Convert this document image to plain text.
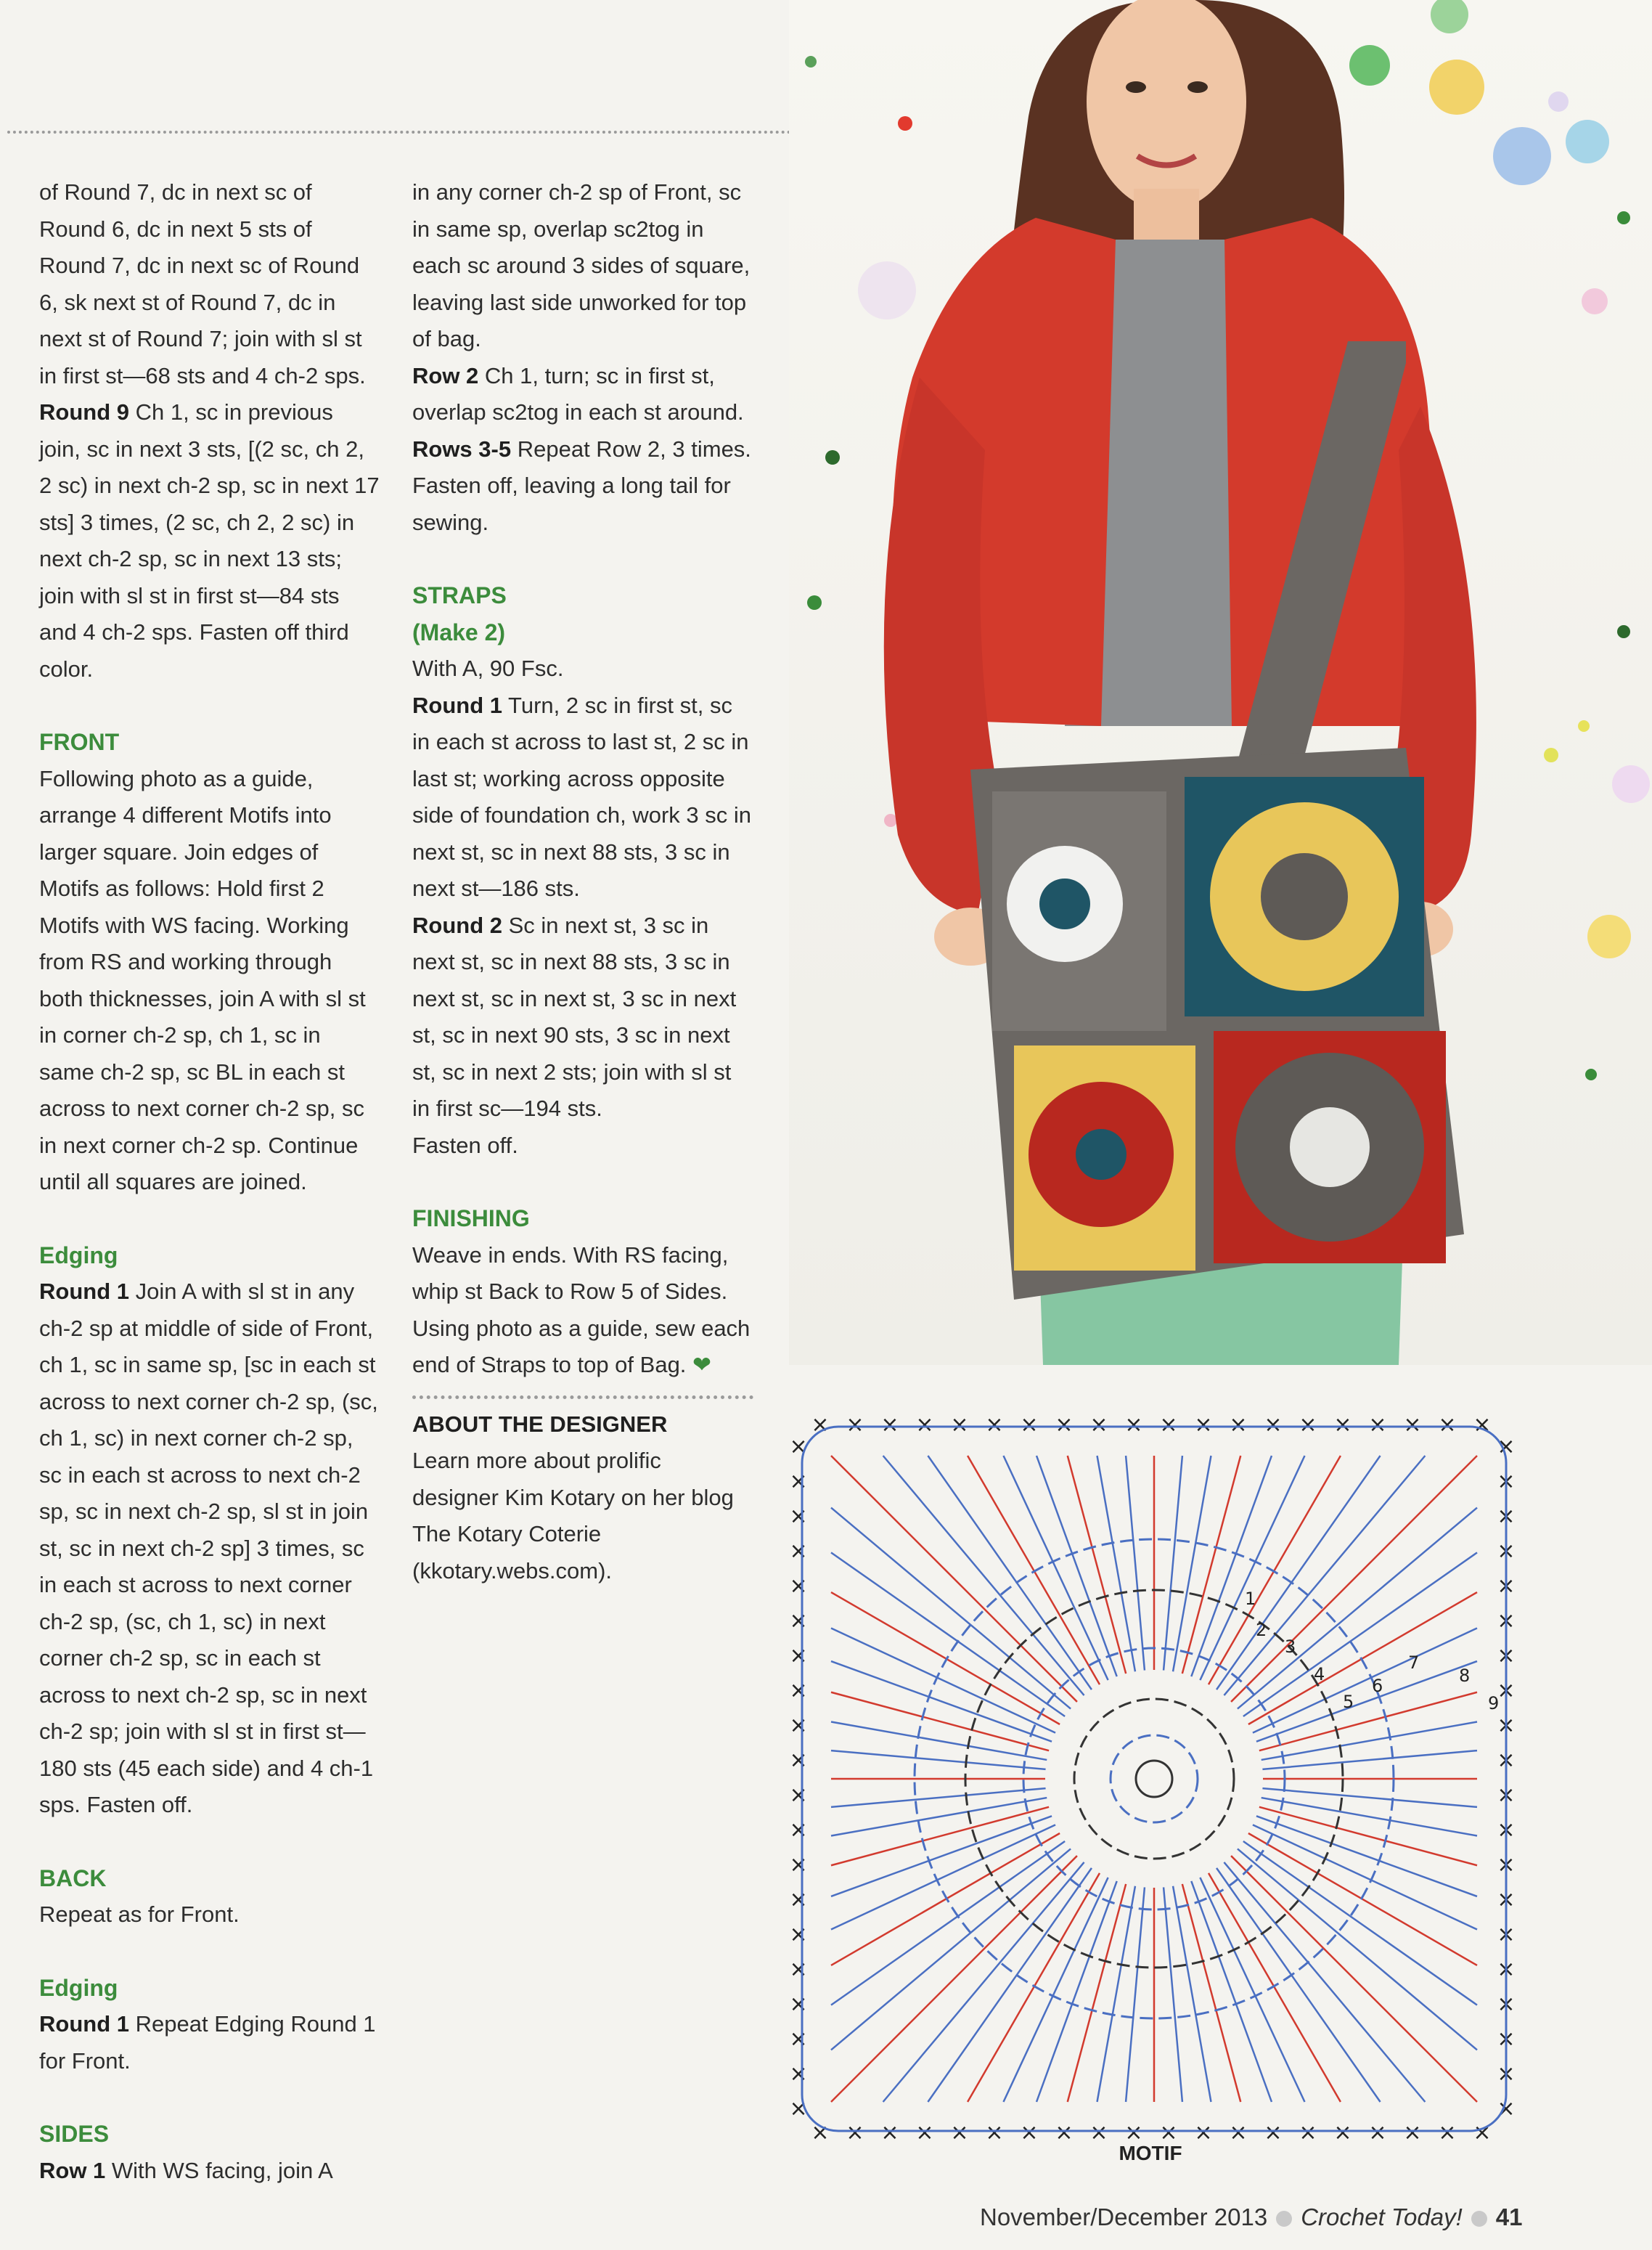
of Round 7, dc in next sc of Round 6, dc in next 5 sts of Round 7, dc in next sc of Round 6, sk next st of Round 7, dc in next st of Round 7; join with sl st in first st—68 sts and 4 ch-2 sps.

Round 9 Ch 1, sc in previous join, sc in next 3 sts, [(2 sc, ch 2, 2 sc) in next ch-2 sp, sc in next 17 sts] 3 times, (2 sc, ch 2, 2 sc) in next ch-2 sp, sc in next 13 sts; join with sl st in first st—84 sts and 4 ch-2 sps. Fasten off third color.

FRONT

Following photo as a guide, arrange 4 different Motifs into larger square. Join edges of Motifs as follows: Hold first 2 Motifs with WS facing. Working from RS and working through both thicknesses, join A with sl st in corner ch-2 sp, ch 1, sc in same ch-2 sp, sc BL in each st across to next corner ch-2 sp, sc in next corner ch-2 sp. Continue until all squares are joined.

Edging

Round 1 Join A with sl st in any ch-2 sp at middle of side of Front, ch 1, sc in same sp, [sc in each st across to next corner ch-2 sp, (sc, ch 1, sc) in next corner ch-2 sp, sc in each st across to next ch-2 sp, sc in next ch-2 sp, sl st in join st, sc in next ch-2 sp] 3 times, sc in each st across to next corner ch-2 sp, (sc, ch 1, sc) in next corner ch-2 sp, sc in each st across to next ch-2 sp, sc in next ch-2 sp; join with sl st in first st—180 sts (45 each side) and 4 ch-1 sps. Fasten off.

BACK

Repeat as for Front.

Edging

Round 1 Repeat Edging Round 1 for Front.

SIDES

Row 1 With WS facing, join A

in any corner ch-2 sp of Front, sc in same sp, overlap sc2tog in each sc around 3 sides of square, leaving last side unworked for top of bag.

Row 2 Ch 1, turn; sc in first st, overlap sc2tog in each st around.

Rows 3-5 Repeat Row 2, 3 times. Fasten off, leaving a long tail for sewing.

STRAPS

(Make 2)

With A, 90 Fsc.

Round 1 Turn, 2 sc in first st, sc in each st across to last st, 2 sc in last st; working across opposite side of foundation ch, work 3 sc in next st, sc in next 88 sts, 3 sc in next st—186 sts.

Round 2 Sc in next st, 3 sc in next st, sc in next 88 sts, 3 sc in next st, sc in next st, 3 sc in next st, sc in next 90 sts, 3 sc in next st, sc in next 2 sts; join with sl st in first sc—194 sts.

Fasten off.

FINISHING

Weave in ends. With RS facing, whip st Back to Row 5 of Sides. Using photo as a guide, sew each end of Straps to top of Bag. ❤

ABOUT THE DESIGNER

Learn more about prolific designer Kim Kotary on her blog The Kotary Coterie (kkotary.webs.com).

×
×
×	×
×
×
×	×
×
×
×	×
×
×
×	×
×
×
×	×
×
×
×	×
×
×
×	×
×
×
×	×
×
×
×	×
×
×
×	×
×
×
×	×
×
×
×	×
×
×
×	×
×
×
×	×
×
×
×	×
×
×
×	×
×
×
×	×
×
×
×	×
×
×
×	×
×
×
×	×
1
2
3
4
5
6
7
8
9
MOTIF
November/December 2013 Crochet Today! 41
